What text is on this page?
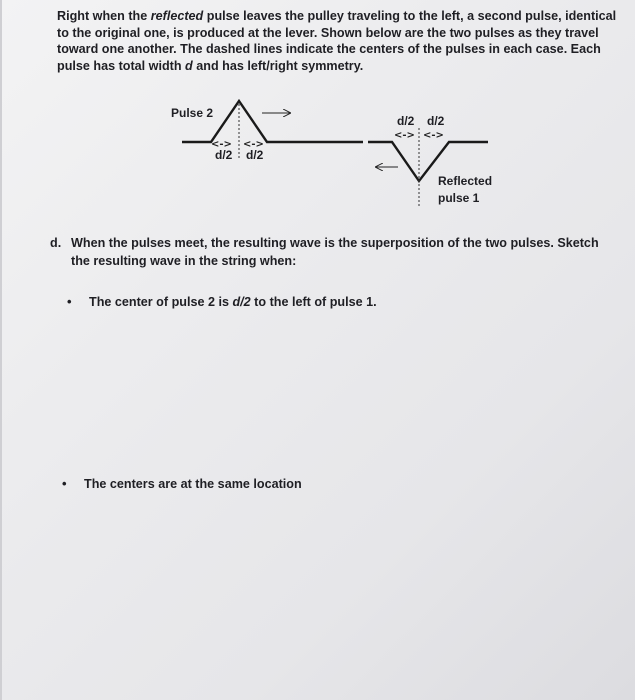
Right when the reflected pulse leaves the pulley traveling to the left, a second pulse, identical to the original one, is produced at the lever. Shown below are the two pulses as they travel toward one another. The dashed lines indicate the centers of the pulses in each case. Each pulse has total width d and has left/right symmetry.

<-> <->
<-> <->

Pulse 2

d/2 d/2

d/2 d/2

Reflected

pulse 1

d. When the pulses meet, the resulting wave is the superposition of the two pulses. Sketch the resulting wave in the string when:

• The center of pulse 2 is d/2 to the left of pulse 1.

• The centers are at the same location
